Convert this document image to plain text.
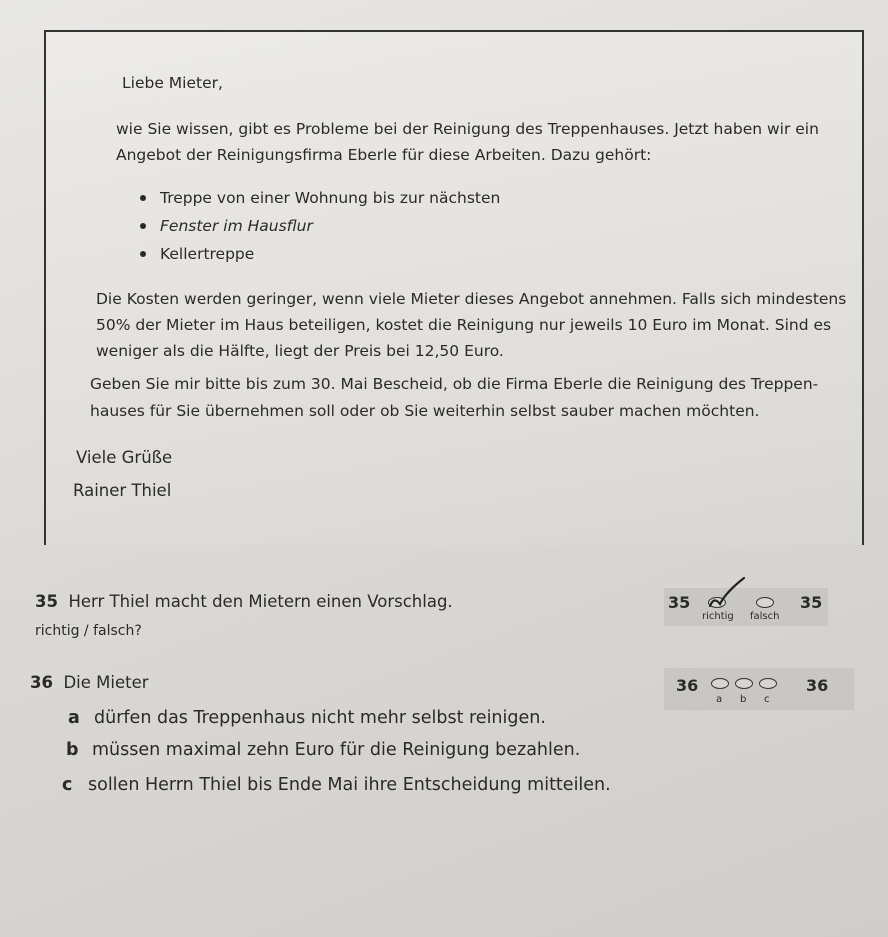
Liebe Mieter,
wie Sie wissen, gibt es Probleme bei der Reinigung des Treppenhauses. Jetzt haben wir ein
Angebot der Reinigungsfirma Eberle für diese Arbeiten. Dazu gehört:
Treppe von einer Wohnung bis zur nächsten
Fenster im Hausflur
Kellertreppe
Die Kosten werden geringer, wenn viele Mieter dieses Angebot annehmen. Falls sich mindestens
50% der Mieter im Haus beteiligen, kostet die Reinigung nur jeweils 10 Euro im Monat. Sind es
weniger als die Hälfte, liegt der Preis bei 12,50 Euro.
Geben Sie mir bitte bis zum 30. Mai Bescheid, ob die Firma Eberle die Reinigung des Treppen-
hauses für Sie übernehmen soll oder ob Sie weiterhin selbst sauber machen möchten.
Viele Grüße
Rainer Thiel
35 Herr Thiel macht den Mietern einen Vorschlag.
richtig / falsch?
35	35
richtig falsch
36 Die Mieter	36	36
a b c
a dürfen das Treppenhaus nicht mehr selbst reinigen.
b müssen maximal zehn Euro für die Reinigung bezahlen.
c sollen Herrn Thiel bis Ende Mai ihre Entscheidung mitteilen.
